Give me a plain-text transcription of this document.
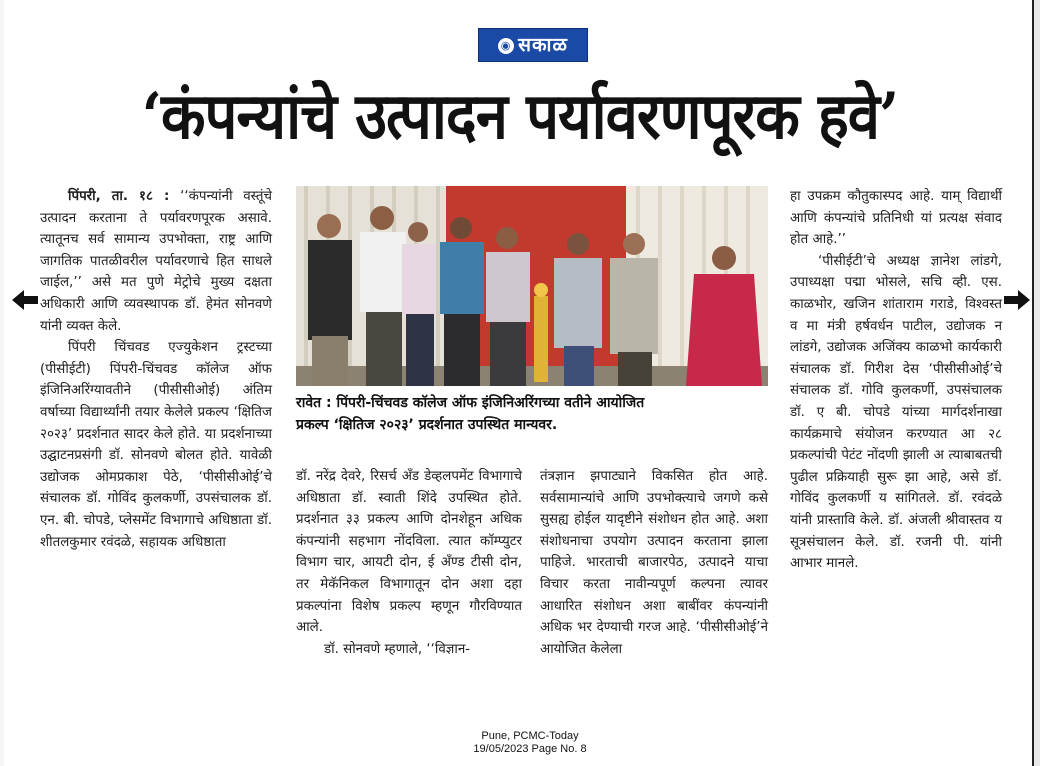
◉ सकाळ
‘कंपन्यांचे उत्पादन पर्यावरणपूरक हवे’

पिंपरी, ता. १८ : ‘‘कंपन्यांनी वस्तूंचे उत्पादन करताना ते पर्यावरणपूरक असावे. त्यातूनच सर्व सामान्य उपभोक्ता, राष्ट्र आणि जागतिक पातळीवरील पर्यावरणाचे हित साधले जाईल,’’ असे मत पुणे मेट्रोचे मुख्य दक्षता अधिकारी आणि व्यवस्थापक डॉ. हेमंत सोनवणे यांनी व्यक्त केले.

पिंपरी चिंचवड एज्युकेशन ट्रस्टच्या (पीसीईटी) पिंपरी-चिंचवड कॉलेज ऑफ इंजिनिअरिंग्यावतीने (पीसीसीओई) अंतिम वर्षाच्या विद्यार्थ्यांनी तयार केलेले प्रकल्प ‘क्षितिज २०२३’ प्रदर्शनात सादर केले होते. या प्रदर्शनाच्या उद्घाटनप्रसंगी डॉ. सोनवणे बोलत होते. यावेळी उद्योजक ओमप्रकाश पेठे, ‘पीसीसीओई’चे संचालक डॉ. गोविंद कुलकर्णी, उपसंचालक डॉ. एन. बी. चोपडे, प्लेसमेंट विभागाचे अधिष्ठाता डॉ. शीतलकुमार रवंदळे, सहायक अधिष्ठाता

रावेत : पिंपरी-चिंचवड कॉलेज ऑफ इंजिनिअरिंगच्या वतीने आयोजित

प्रकल्प ‘क्षितिज २०२३’ प्रदर्शनात उपस्थित मान्यवर.

डॉ. नरेंद्र देवरे, रिसर्च अँड डेव्हलपमेंट विभागाचे अधिष्ठाता डॉ. स्वाती शिंदे उपस्थित होते. प्रदर्शनात ३३ प्रकल्प आणि दोनशेहून अधिक कंपन्यांनी सहभाग नोंदविला. त्यात कॉम्प्युटर विभाग चार, आयटी दोन, ई अँण्ड टीसी दोन, तर मेकॅनिकल विभागातून दोन अशा दहा प्रकल्पांना विशेष प्रकल्प म्हणून गौरविण्यात आले.

डॉ. सोनवणे म्हणाले, ‘‘विज्ञान-

तंत्रज्ञान झपाट्याने विकसित होत आहे. सर्वसामान्यांचे आणि उपभोक्त्याचे जगणे कसे सुसह्य होईल यादृष्टीने संशोधन होत आहे. अशा संशोधनाचा उपयोग उत्पादन करताना झाला पाहिजे. भारताची बाजारपेठ, उत्पादने याचा विचार करता नावीन्यपूर्ण कल्पना त्यावर आधारित संशोधन अशा बाबींवर कंपन्यांनी अधिक भर देण्याची गरज आहे. ‘पीसीसीओई’ने आयोजित केलेला

हा उपक्रम कौतुकास्पद आहे. याम् विद्यार्थी आणि कंपन्यांचे प्रतिनिधी यां प्रत्यक्ष संवाद होत आहे.’’

‘पीसीईटी’चे अध्यक्ष ज्ञानेश लांडगे, उपाध्यक्षा पद्मा भोसले, सचि व्ही. एस. काळभोर, खजिन शांताराम गराडे, विश्‍वस्त व मा मंत्री हर्षवर्धन पाटील, उद्योजक न लांडगे, उद्योजक अजिंक्य काळभो कार्यकारी संचालक डॉ. गिरीश देस ‘पीसीसीओई’चे संचालक डॉ. गोवि कुलकर्णी, उपसंचालक डॉ. ए बी. चोपडे यांच्या मार्गदर्शनाखा कार्यक्रमाचे संयोजन करण्यात आ २८ प्रकल्पांची पेटंट नोंदणी झाली अ त्याबाबतची पुढील प्रक्रियाही सुरू झा आहे, असे डॉ. गोविंद कुलकर्णी य सांगितले. डॉ. रवंदळे यांनी प्रास्तावि केले. डॉ. अंजली श्रीवास्तव य सूत्रसंचालन केले. डॉ. रजनी पी. यांनी आभार मानले.

Pune, PCMC-Today
19/05/2023 Page No. 8
